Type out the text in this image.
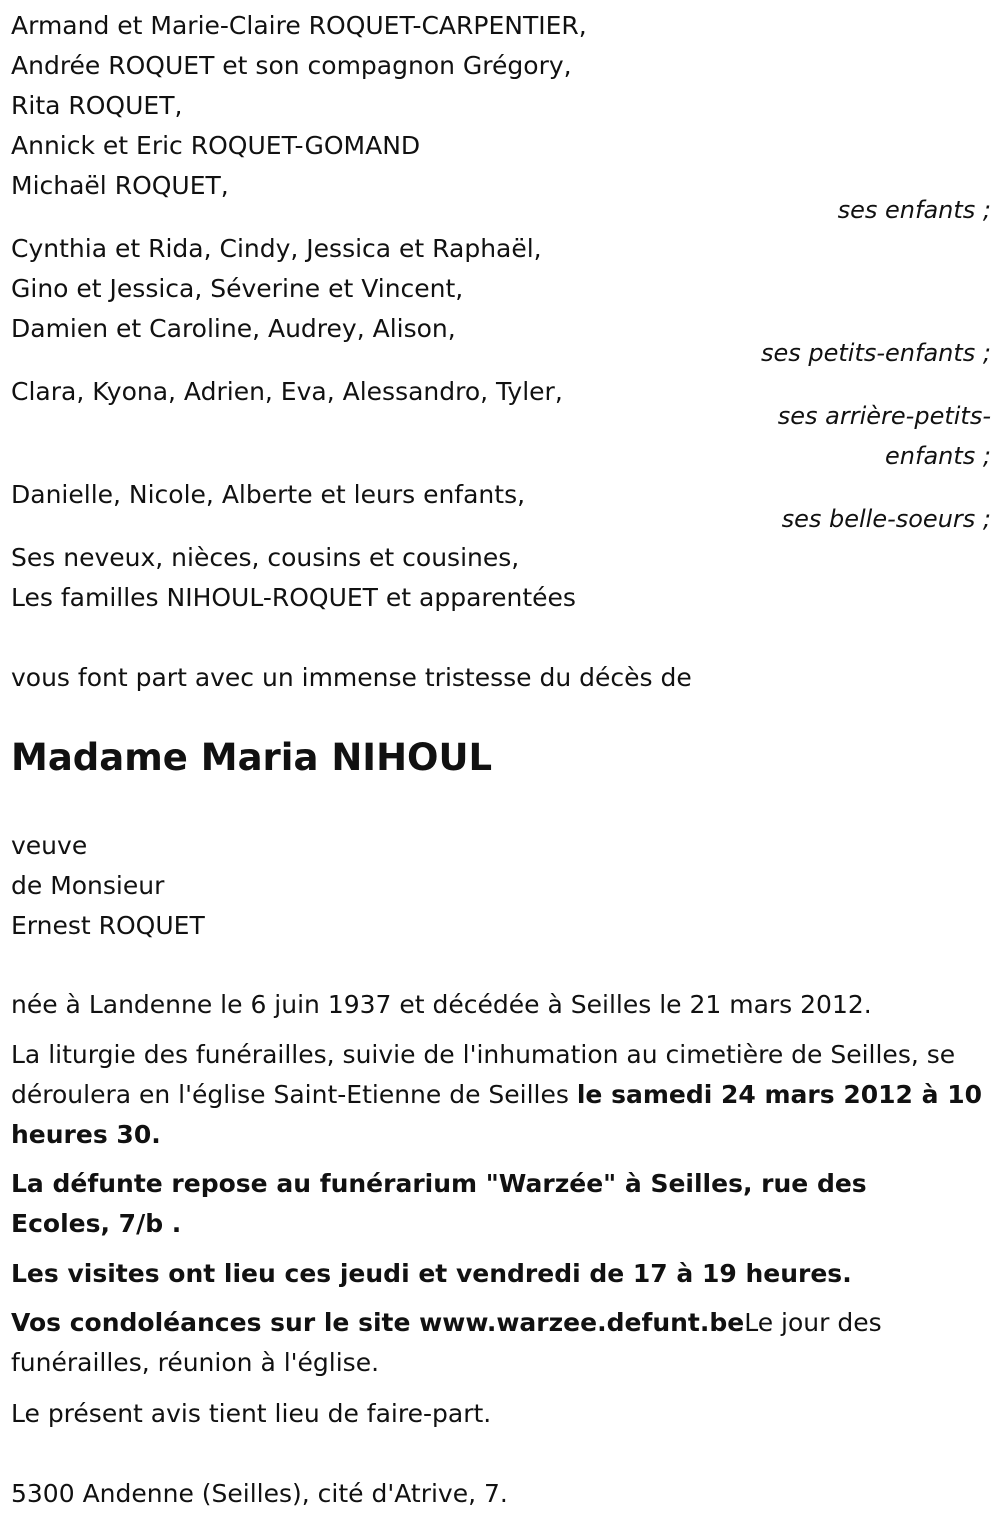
Armand et Marie-Claire ROQUET-CARPENTIER,
Andrée ROQUET et son compagnon Grégory,
Rita ROQUET,
Annick et Eric ROQUET-GOMAND
Michaël ROQUET,
ses enfants ;
Cynthia et Rida, Cindy, Jessica et Raphaël,
Gino et Jessica, Séverine et Vincent,
Damien et Caroline, Audrey, Alison,
ses petits-enfants ;
Clara, Kyona, Adrien, Eva, Alessandro, Tyler,
ses arrière-petits-
enfants ;
Danielle, Nicole, Alberte et leurs enfants,
ses belle-soeurs ;
Ses neveux, nièces, cousins et cousines,
Les familles NIHOUL-ROQUET et apparentées
vous font part avec un immense tristesse du décès de
Madame Maria NIHOUL
veuve
de Monsieur
Ernest ROQUET
née à Landenne le 6 juin 1937 et décédée à Seilles le 21 mars 2012.
La liturgie des funérailles, suivie de l'inhumation au cimetière de Seilles, se déroulera en l'église Saint-Etienne de Seilles le samedi 24 mars 2012 à 10 heures 30.
La défunte repose au funérarium "Warzée" à Seilles, rue des Ecoles, 7/b .
Les visites ont lieu ces jeudi et vendredi de 17 à 19 heures.
Vos condoléances sur le site www.warzee.defunt.beLe jour des funérailles, réunion à l'église.
Le présent avis tient lieu de faire-part.
5300 Andenne (Seilles), cité d'Atrive, 7.
